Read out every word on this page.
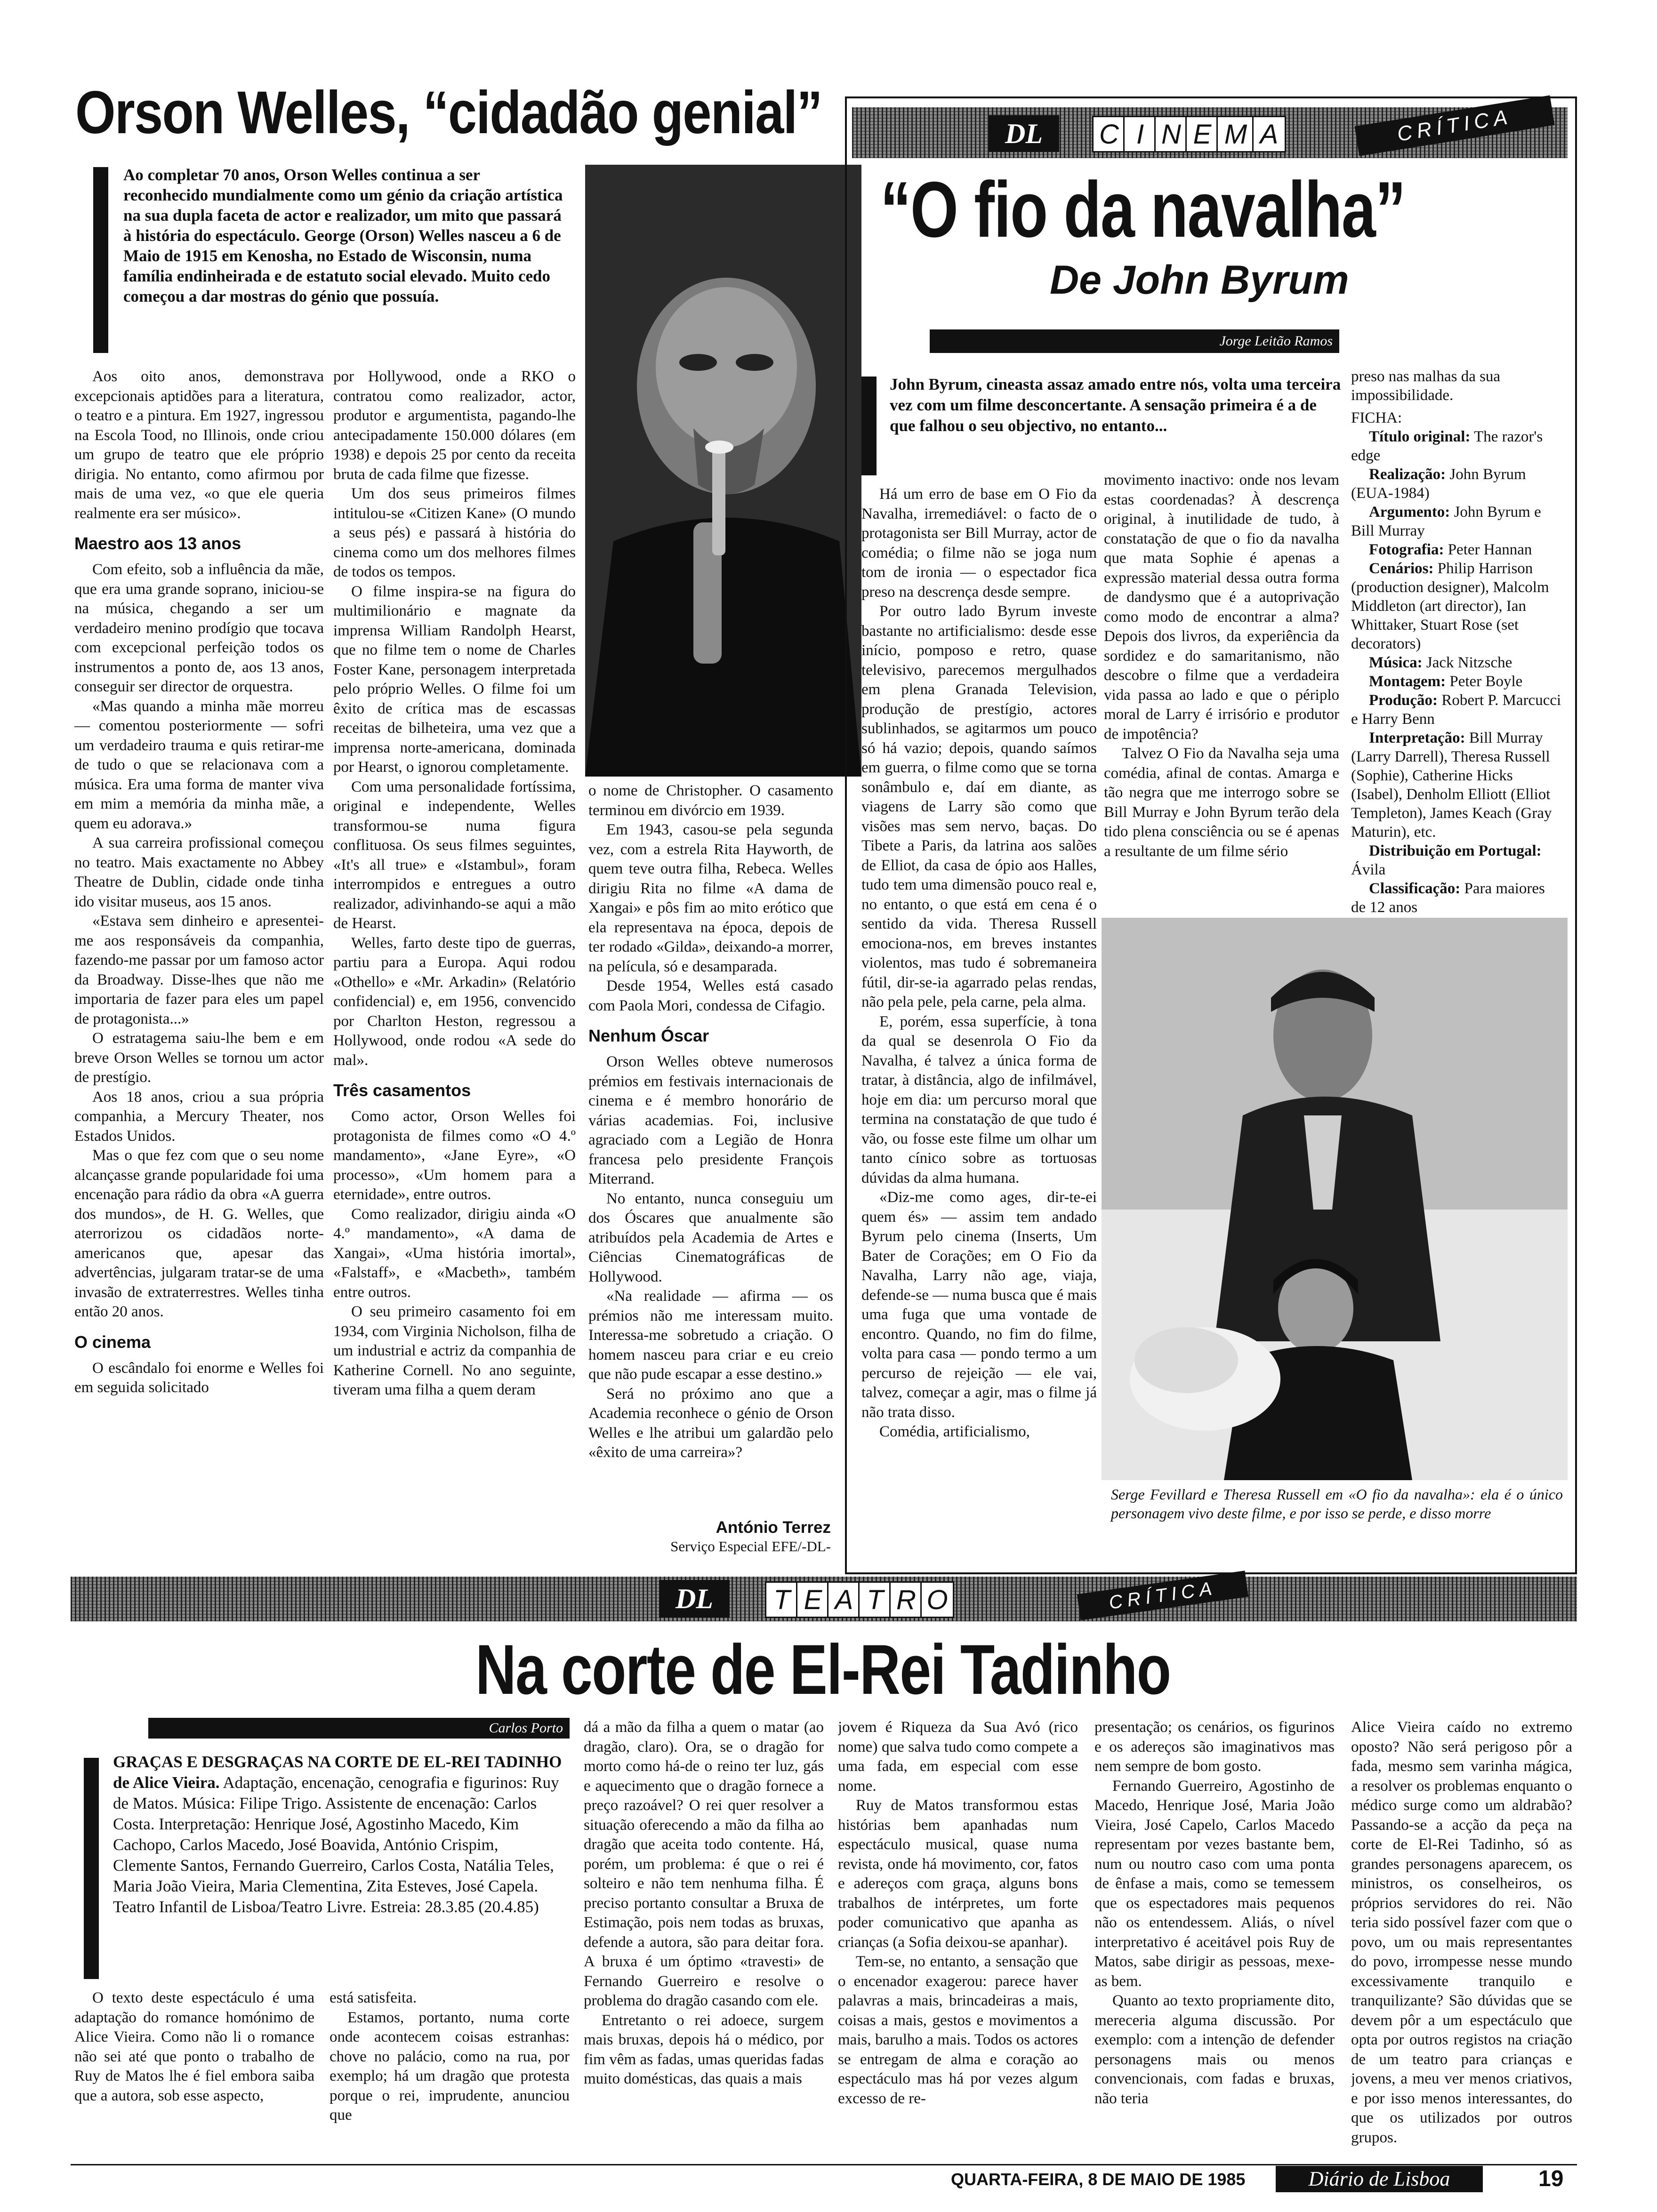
Orson Welles, “cidadão genial”
Ao completar 70 anos, Orson Welles continua a ser reconhecido mundialmente como um génio da criação artística na sua dupla faceta de actor e realizador, um mito que passará à história do espectáculo. George (Orson) Welles nasceu a 6 de Maio de 1915 em Kenosha, no Estado de Wisconsin, numa família endinheirada e de estatuto social elevado. Muito cedo começou a dar mostras do génio que possuía.

Aos oito anos, demonstrava excepcionais aptidões para a literatura, o teatro e a pintura. Em 1927, ingressou na Escola Tood, no Illinois, onde criou um grupo de teatro que ele próprio dirigia. No entanto, como afirmou por mais de uma vez, «o que ele queria realmente era ser músico».

Maestro aos 13 anos

Com efeito, sob a influência da mãe, que era uma grande soprano, iniciou-se na música, chegando a ser um verdadeiro menino prodígio que tocava com excepcional perfeição todos os instrumentos a ponto de, aos 13 anos, conseguir ser director de orquestra.

«Mas quando a minha mãe morreu — comentou posteriormente — sofri um verdadeiro trauma e quis retirar-me de tudo o que se relacionava com a música. Era uma forma de manter viva em mim a memória da minha mãe, a quem eu adorava.»

A sua carreira profissional começou no teatro. Mais exactamente no Abbey Theatre de Dublin, cidade onde tinha ido visitar museus, aos 15 anos.

«Estava sem dinheiro e apresentei-me aos responsáveis da companhia, fazendo-me passar por um famoso actor da Broadway. Disse-lhes que não me importaria de fazer para eles um papel de protagonista...»

O estratagema saiu-lhe bem e em breve Orson Welles se tornou um actor de prestígio.

Aos 18 anos, criou a sua própria companhia, a Mercury Theater, nos Estados Unidos.

Mas o que fez com que o seu nome alcançasse grande popularidade foi uma encenação para rádio da obra «A guerra dos mundos», de H. G. Welles, que aterrorizou os cidadãos norte-americanos que, apesar das advertências, julgaram tratar-se de uma invasão de extraterrestres. Welles tinha então 20 anos.

O cinema

O escândalo foi enorme e Welles foi em seguida solicitado

por Hollywood, onde a RKO o contratou como realizador, actor, produtor e argumentista, pagando-lhe antecipadamente 150.000 dólares (em 1938) e depois 25 por cento da receita bruta de cada filme que fizesse.

Um dos seus primeiros filmes intitulou-se «Citizen Kane» (O mundo a seus pés) e passará à história do cinema como um dos melhores filmes de todos os tempos.

O filme inspira-se na figura do multimilionário e magnate da imprensa William Randolph Hearst, que no filme tem o nome de Charles Foster Kane, personagem interpretada pelo próprio Welles. O filme foi um êxito de crítica mas de escassas receitas de bilheteira, uma vez que a imprensa norte-americana, dominada por Hearst, o ignorou completamente.

Com uma personalidade fortíssima, original e independente, Welles transformou-se numa figura conflituosa. Os seus filmes seguintes, «It's all true» e «Istambul», foram interrompidos e entregues a outro realizador, adivinhando-se aqui a mão de Hearst.

Welles, farto deste tipo de guerras, partiu para a Europa. Aqui rodou «Othello» e «Mr. Arkadin» (Relatório confidencial) e, em 1956, convencido por Charlton Heston, regressou a Hollywood, onde rodou «A sede do mal».

Três casamentos

Como actor, Orson Welles foi protagonista de filmes como «O 4.º mandamento», «Jane Eyre», «O processo», «Um homem para a eternidade», entre outros.

Como realizador, dirigiu ainda «O 4.º mandamento», «A dama de Xangai», «Uma história imortal», «Falstaff», e «Macbeth», também entre outros.

O seu primeiro casamento foi em 1934, com Virginia Nicholson, filha de um industrial e actriz da companhia de Katherine Cornell. No ano seguinte, tiveram uma filha a quem deram

o nome de Christopher. O casamento terminou em divórcio em 1939.

Em 1943, casou-se pela segunda vez, com a estrela Rita Hayworth, de quem teve outra filha, Rebeca. Welles dirigiu Rita no filme «A dama de Xangai» e pôs fim ao mito erótico que ela representava na época, depois de ter rodado «Gilda», deixando-a morrer, na película, só e desamparada.

Desde 1954, Welles está casado com Paola Mori, condessa de Cifagio.

Nenhum Óscar

Orson Welles obteve numerosos prémios em festivais internacionais de cinema e é membro honorário de várias academias. Foi, inclusive agraciado com a Legião de Honra francesa pelo presidente François Miterrand.

No entanto, nunca conseguiu um dos Óscares que anualmente são atribuídos pela Academia de Artes e Ciências Cinematográficas de Hollywood.

«Na realidade — afirma — os prémios não me interessam muito. Interessa-me sobretudo a criação. O homem nasceu para criar e eu creio que não pude escapar a esse destino.»

Será no próximo ano que a Academia reconhece o génio de Orson Welles e lhe atribui um galardão pelo «êxito de uma carreira»?

António Terrez
Serviço Especial EFE/-DL-
DL	C I N E M A	CRÍTICA
“O fio da navalha”
De John Byrum
Jorge Leitão Ramos
John Byrum, cineasta assaz amado entre nós, volta uma terceira vez com um filme desconcertante. A sensação primeira é a de que falhou o seu objectivo, no entanto...

Há um erro de base em O Fio da Navalha, irremediável: o facto de o protagonista ser Bill Murray, actor de comédia; o filme não se joga num tom de ironia — o espectador fica preso na descrença desde sempre.

Por outro lado Byrum investe bastante no artificialismo: desde esse início, pomposo e retro, quase televisivo, parecemos mergulhados em plena Granada Television, produção de prestígio, actores sublinhados, se agitarmos um pouco só há vazio; depois, quando saímos em guerra, o filme como que se torna sonâmbulo e, daí em diante, as viagens de Larry são como que visões mas sem nervo, baças. Do Tibete a Paris, da latrina aos salões de Elliot, da casa de ópio aos Halles, tudo tem uma dimensão pouco real e, no entanto, o que está em cena é o sentido da vida. Theresa Russell emociona-nos, em breves instantes violentos, mas tudo é sobremaneira fútil, dir-se-ia agarrado pelas rendas, não pela pele, pela carne, pela alma.

E, porém, essa superfície, à tona da qual se desenrola O Fio da Navalha, é talvez a única forma de tratar, à distância, algo de infilmável, hoje em dia: um percurso moral que termina na constatação de que tudo é vão, ou fosse este filme um olhar um tanto cínico sobre as tortuosas dúvidas da alma humana.

«Diz-me como ages, dir-te-ei quem és» — assim tem andado Byrum pelo cinema (Inserts, Um Bater de Corações; em O Fio da Navalha, Larry não age, viaja, defende-se — numa busca que é mais uma fuga que uma vontade de encontro. Quando, no fim do filme, volta para casa — pondo termo a um percurso de rejeição — ele vai, talvez, começar a agir, mas o filme já não trata disso.

Comédia, artificialismo,

movimento inactivo: onde nos levam estas coordenadas? À descrença original, à inutilidade de tudo, à constatação de que o fio da navalha que mata Sophie é apenas a expressão material dessa outra forma de dandysmo que é a autoprivação como modo de encontrar a alma? Depois dos livros, da experiência da sordidez e do samaritanismo, não descobre o filme que a verdadeira vida passa ao lado e que o périplo moral de Larry é irrisório e produtor de impotência?

Talvez O Fio da Navalha seja uma comédia, afinal de contas. Amarga e tão negra que me interrogo sobre se Bill Murray e John Byrum terão dela tido plena consciência ou se é apenas a resultante de um filme sério

preso nas malhas da sua impossibilidade.

FICHA:

Título original: The razor's edge

Realização: John Byrum (EUA-1984)

Argumento: John Byrum e Bill Murray

Fotografia: Peter Hannan

Cenários: Philip Harrison (production designer), Malcolm Middleton (art director), Ian Whittaker, Stuart Rose (set decorators)

Música: Jack Nitzsche

Montagem: Peter Boyle

Produção: Robert P. Marcucci e Harry Benn

Interpretação: Bill Murray (Larry Darrell), Theresa Russell (Sophie), Catherine Hicks (Isabel), Denholm Elliott (Elliot Templeton), James Keach (Gray Maturin), etc.

Distribuição em Portugal: Ávila

Classificação: Para maiores de 12 anos

Serge Fevillard e Theresa Russell em «O fio da navalha»: ela é o único personagem vivo deste filme, e por isso se perde, e disso morre
DL	T E A T R O	CRÍTICA
Na corte de El-Rei Tadinho
Carlos Porto
GRAÇAS E DESGRAÇAS NA CORTE DE EL-REI TADINHO de Alice Vieira. Adaptação, encenação, cenografia e figurinos: Ruy de Matos. Música: Filipe Trigo. Assistente de encenação: Carlos Costa. Interpretação: Henrique José, Agostinho Macedo, Kim Cachopo, Carlos Macedo, José Boavida, António Crispim, Clemente Santos, Fernando Guerreiro, Carlos Costa, Natália Teles, Maria João Vieira, Maria Clementina, Zita Esteves, José Capela. Teatro Infantil de Lisboa/Teatro Livre. Estreia: 28.3.85 (20.4.85)

O texto deste espectáculo é uma adaptação do romance homónimo de Alice Vieira. Como não li o romance não sei até que ponto o trabalho de Ruy de Matos lhe é fiel embora saiba que a autora, sob esse aspecto,

está satisfeita.

Estamos, portanto, numa corte onde acontecem coisas estranhas: chove no palácio, como na rua, por exemplo; há um dragão que protesta porque o rei, imprudente, anunciou que

dá a mão da filha a quem o matar (ao dragão, claro). Ora, se o dragão for morto como há-de o reino ter luz, gás e aquecimento que o dragão fornece a preço razoável? O rei quer resolver a situação oferecendo a mão da filha ao dragão que aceita todo contente. Há, porém, um problema: é que o rei é solteiro e não tem nenhuma filha. É preciso portanto consultar a Bruxa de Estimação, pois nem todas as bruxas, defende a autora, são para deitar fora. A bruxa é um óptimo «travesti» de Fernando Guerreiro e resolve o problema do dragão casando com ele.

Entretanto o rei adoece, surgem mais bruxas, depois há o médico, por fim vêm as fadas, umas queridas fadas muito domésticas, das quais a mais

jovem é Riqueza da Sua Avó (rico nome) que salva tudo como compete a uma fada, em especial com esse nome.

Ruy de Matos transformou estas histórias bem apanhadas num espectáculo musical, quase numa revista, onde há movimento, cor, fatos e adereços com graça, alguns bons trabalhos de intérpretes, um forte poder comunicativo que apanha as crianças (a Sofia deixou-se apanhar).

Tem-se, no entanto, a sensação que o encenador exagerou: parece haver palavras a mais, brincadeiras a mais, coisas a mais, gestos e movimentos a mais, barulho a mais. Todos os actores se entregam de alma e coração ao espectáculo mas há por vezes algum excesso de re-

presentação; os cenários, os figurinos e os adereços são imaginativos mas nem sempre de bom gosto.

Fernando Guerreiro, Agostinho de Macedo, Henrique José, Maria João Vieira, José Capelo, Carlos Macedo representam por vezes bastante bem, num ou noutro caso com uma ponta de ênfase a mais, como se temessem que os espectadores mais pequenos não os entendessem. Aliás, o nível interpretativo é aceitável pois Ruy de Matos, sabe dirigir as pessoas, mexe-as bem.

Quanto ao texto propriamente dito, mereceria alguma discussão. Por exemplo: com a intenção de defender personagens mais ou menos convencionais, com fadas e bruxas, não teria

Alice Vieira caído no extremo oposto? Não será perigoso pôr a fada, mesmo sem varinha mágica, a resolver os problemas enquanto o médico surge como um aldrabão? Passando-se a acção da peça na corte de El-Rei Tadinho, só as grandes personagens aparecem, os ministros, os conselheiros, os próprios servidores do rei. Não teria sido possível fazer com que o povo, um ou mais representantes do povo, irrompesse nesse mundo excessivamente tranquilo e tranquilizante? São dúvidas que se devem pôr a um espectáculo que opta por outros registos na criação de um teatro para crianças e jovens, a meu ver menos criativos, e por isso menos interessantes, do que os utilizados por outros grupos.

QUARTA-FEIRA, 8 DE MAIO DE 1985	Diário de Lisboa	19
